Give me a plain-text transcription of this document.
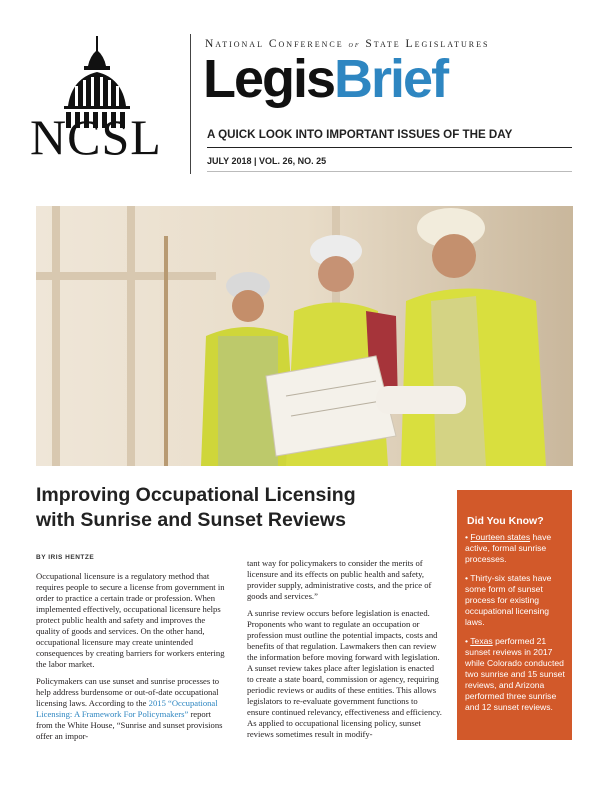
NCSL
National Conference of State Legislatures
LegisBrief
A QUICK LOOK INTO IMPORTANT ISSUES OF THE DAY
JULY 2018 | VOL. 26, NO. 25
Improving Occupational Licensing
with Sunrise and Sunset Reviews
BY IRIS HENTZE

Occupational licensure is a regulatory method that requires people to secure a license from government in order to practice a certain trade or profession. When implemented effectively, occupational licensure helps protect public health and safety and improves the quality of goods and services. On the other hand, occupational licensure may create unintended consequences by creating barriers for workers entering the labor market.

Policymakers can use sunset and sunrise processes to help address burdensome or out-of-date occupational licensing laws. According to the 2015 “Occupational Licensing: A Framework For Policymakers” report from the White House, “Sunrise and sunset provisions offer an impor-

tant way for policymakers to consider the merits of licensure and its effects on public health and safety, provider supply, administrative costs, and the price of goods and services.”

A sunrise review occurs before legislation is enacted. Proponents who want to regulate an occupation or profession must outline the potential impacts, costs and benefits of that regulation. Lawmakers then can review the information before moving forward with legislation. A sunset review takes place after legislation is enacted to create a state board, commission or agency, requiring periodic reviews or audits of these entities. This allows legislators to re-evaluate government functions to ensure continued relevancy, effectiveness and efficiency. As applied to occupational licensing policy, sunset reviews sometimes result in modify-

Did You Know?

• Fourteen states have active, formal sunrise processes.

• Thirty-six states have some form of sunset process for existing occupational licensing laws.

• Texas performed 21 sunset reviews in 2017 while Colorado conducted two sunrise and 15 sunset reviews, and Arizona performed three sunrise and 12 sunset reviews.
